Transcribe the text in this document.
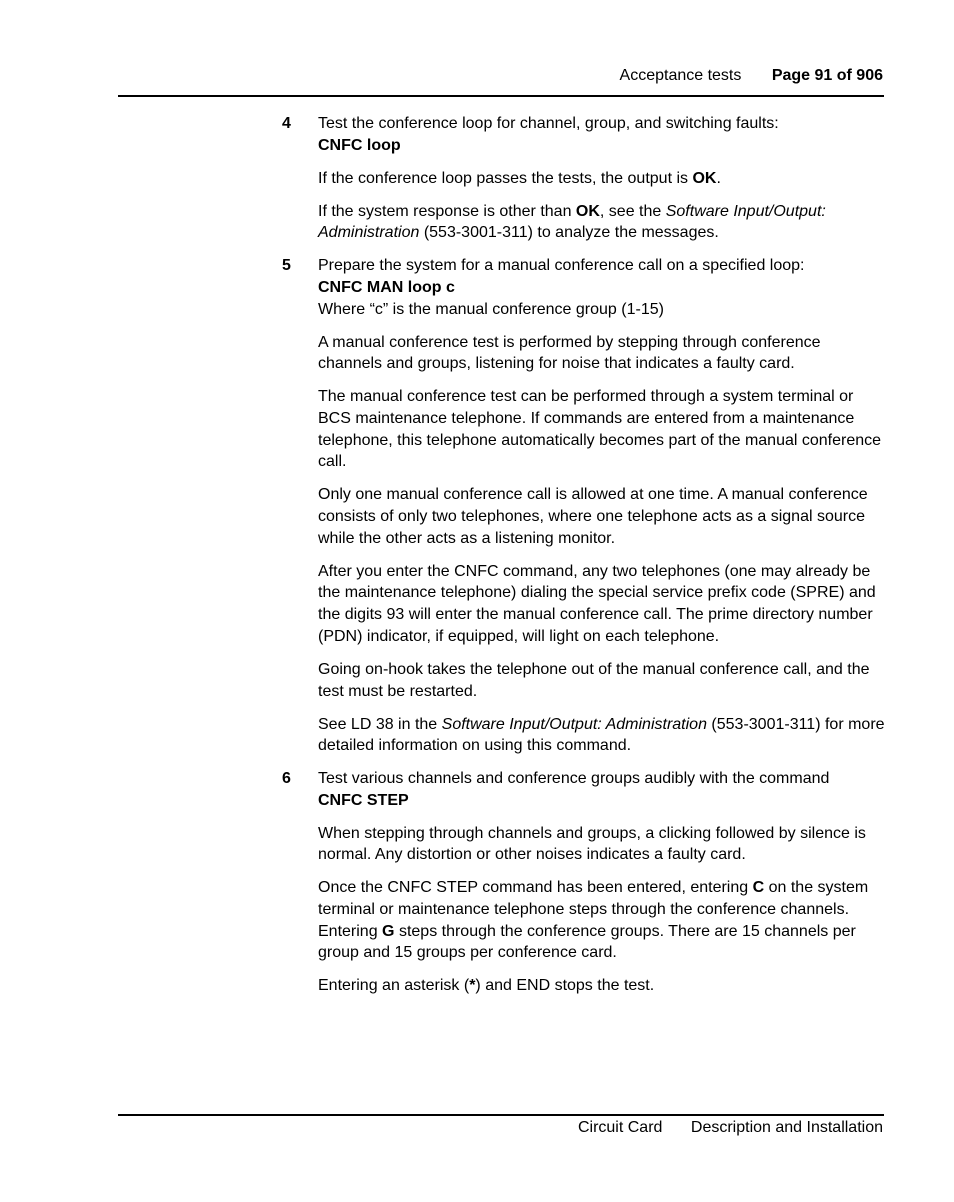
Acceptance tests Page 91 of 906
4 Test the conference loop for channel, group, and switching faults:
CNFC loop

If the conference loop passes the tests, the output is OK.

If the system response is other than OK, see the Software Input/Output: Administration (553-3001-311) to analyze the messages.

5 Prepare the system for a manual conference call on a specified loop:
CNFC MAN loop c
Where “c” is the manual conference group (1-15)

A manual conference test is performed by stepping through conference channels and groups, listening for noise that indicates a faulty card.

The manual conference test can be performed through a system terminal or BCS maintenance telephone. If commands are entered from a maintenance telephone, this telephone automatically becomes part of the manual conference call.

Only one manual conference call is allowed at one time. A manual conference consists of only two telephones, where one telephone acts as a signal source while the other acts as a listening monitor.

After you enter the CNFC command, any two telephones (one may already be the maintenance telephone) dialing the special service prefix code (SPRE) and the digits 93 will enter the manual conference call. The prime directory number (PDN) indicator, if equipped, will light on each telephone.

Going on-hook takes the telephone out of the manual conference call, and the test must be restarted.

See LD 38 in the Software Input/Output: Administration (553-3001-311) for more detailed information on using this command.

6 Test various channels and conference groups audibly with the command
CNFC STEP

When stepping through channels and groups, a clicking followed by silence is normal. Any distortion or other noises indicates a faulty card.

Once the CNFC STEP command has been entered, entering C on the system terminal or maintenance telephone steps through the conference channels. Entering G steps through the conference groups. There are 15 channels per group and 15 groups per conference card.

Entering an asterisk (*) and END stops the test.

Circuit Card Description and Installation
